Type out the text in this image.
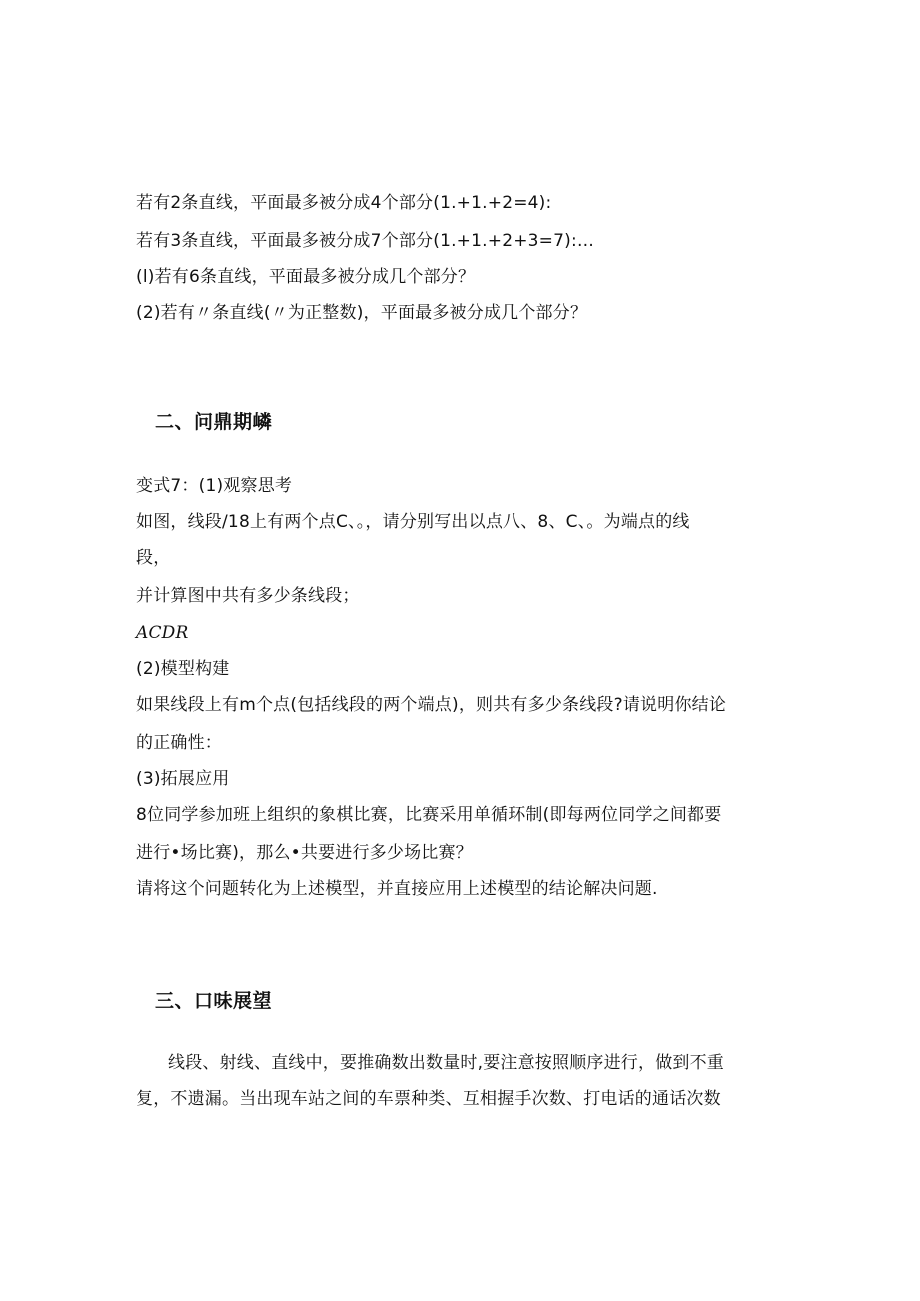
若有2条直线，平面最多被分成4个部分(1.+1.+2=4):
若有3条直线，平面最多被分成7个部分(1.+1.+2+3=7):…
(l)若有6条直线，平面最多被分成几个部分？
(2)若有〃条直线(〃为正整数)，平面最多被分成几个部分？
二、问鼎期嶙
变式7：(1)观察思考
如图，线段/18上有两个点C、。，请分别写出以点八、8、C、。为端点的线
段，
并计算图中共有多少条线段；
ACDR
(2)模型构建
如果线段上有m个点(包括线段的两个端点)，则共有多少条线段?请说明你结论
的正确性：
(3)拓展应用
8位同学参加班上组织的象棋比赛，比赛采用单循环制(即每两位同学之间都要
进行•场比赛)，那么•共要进行多少场比赛？
请将这个问题转化为上述模型，并直接应用上述模型的结论解决问题.
三、口味展望
线段、射线、直线中，要推确数出数量时,要注意按照顺序进行，做到不重
复，不遗漏。当出现车站之间的车票种类、互相握手次数、打电话的通话次数
